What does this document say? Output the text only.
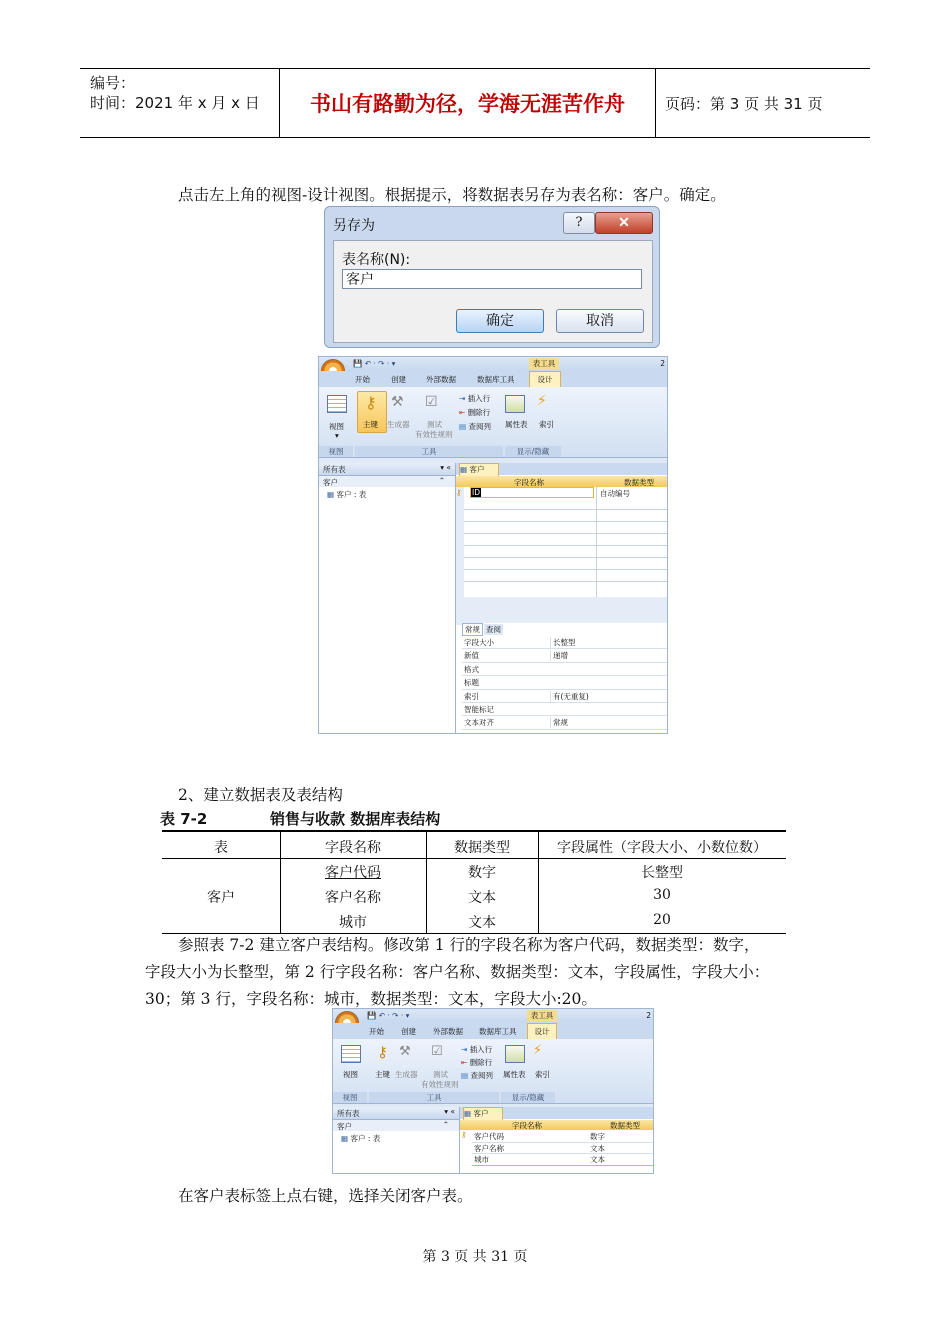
编号：
时间：2021 年 x 月 x 日	书山有路勤为径，学海无涯苦作舟	页码：第 3 页 共 31 页
点击左上角的视图-设计视图。根据提示，将数据表另存为表名称：客户。确定。
另存为	?	✕
表名称(N):
客户
确定	取消
💾 ↶ · ↷ · ▾	表工具	2
开始	创建	外部数据	数据库工具	设计
视图
▾
⚷
主键
⚒
生成器
☑
测试
有效性规则
⇥ 插入行
⇤ 删除行
▤ 查阅列 属性表
⚡
索引
视图	工具	显示/隐藏
所有表	▾ «
客户	⌃
▦ 客户 : 表
▦ 客户
字段名称	数据类型
⚷ ID	自动编号
常规 查阅
字段大小	长整型
新值	递增
格式
标题
索引	有(无重复)
智能标记
文本对齐	常规
2、建立数据表及表结构
表 7-2	销售与收款 数据库表结构
表	字段名称	数据类型	字段属性（字段大小、小数位数）
客户
客户代码	数字	长整型
客户名称	文本	30
城市	文本	20
参照表 7-2 建立客户表结构。修改第 1 行的字段名称为客户代码，数据类型：数字，
字段大小为长整型，第 2 行字段名称：客户名称、数据类型：文本，字段属性，字段大小：
30；第 3 行，字段名称：城市，数据类型：文本，字段大小:20。
💾 ↶ · ↷ · ▾	表工具	2
开始 创建 外部数据 数据库工具	设计
视图
⚷
主键
⚒
生成器
☑
测试
有效性规则
⇥ 插入行
⇤ 删除行
▤ 查阅列 属性表
⚡
索引
视图	工具	显示/隐藏
所有表	▾ «
客户	⌃
▦ 客户 : 表
▦ 客户
字段名称	数据类型
⚷ 客户代码	数字
客户名称	文本
城市	文本
在客户表标签上点右键，选择关闭客户表。
第 3 页 共 31 页
